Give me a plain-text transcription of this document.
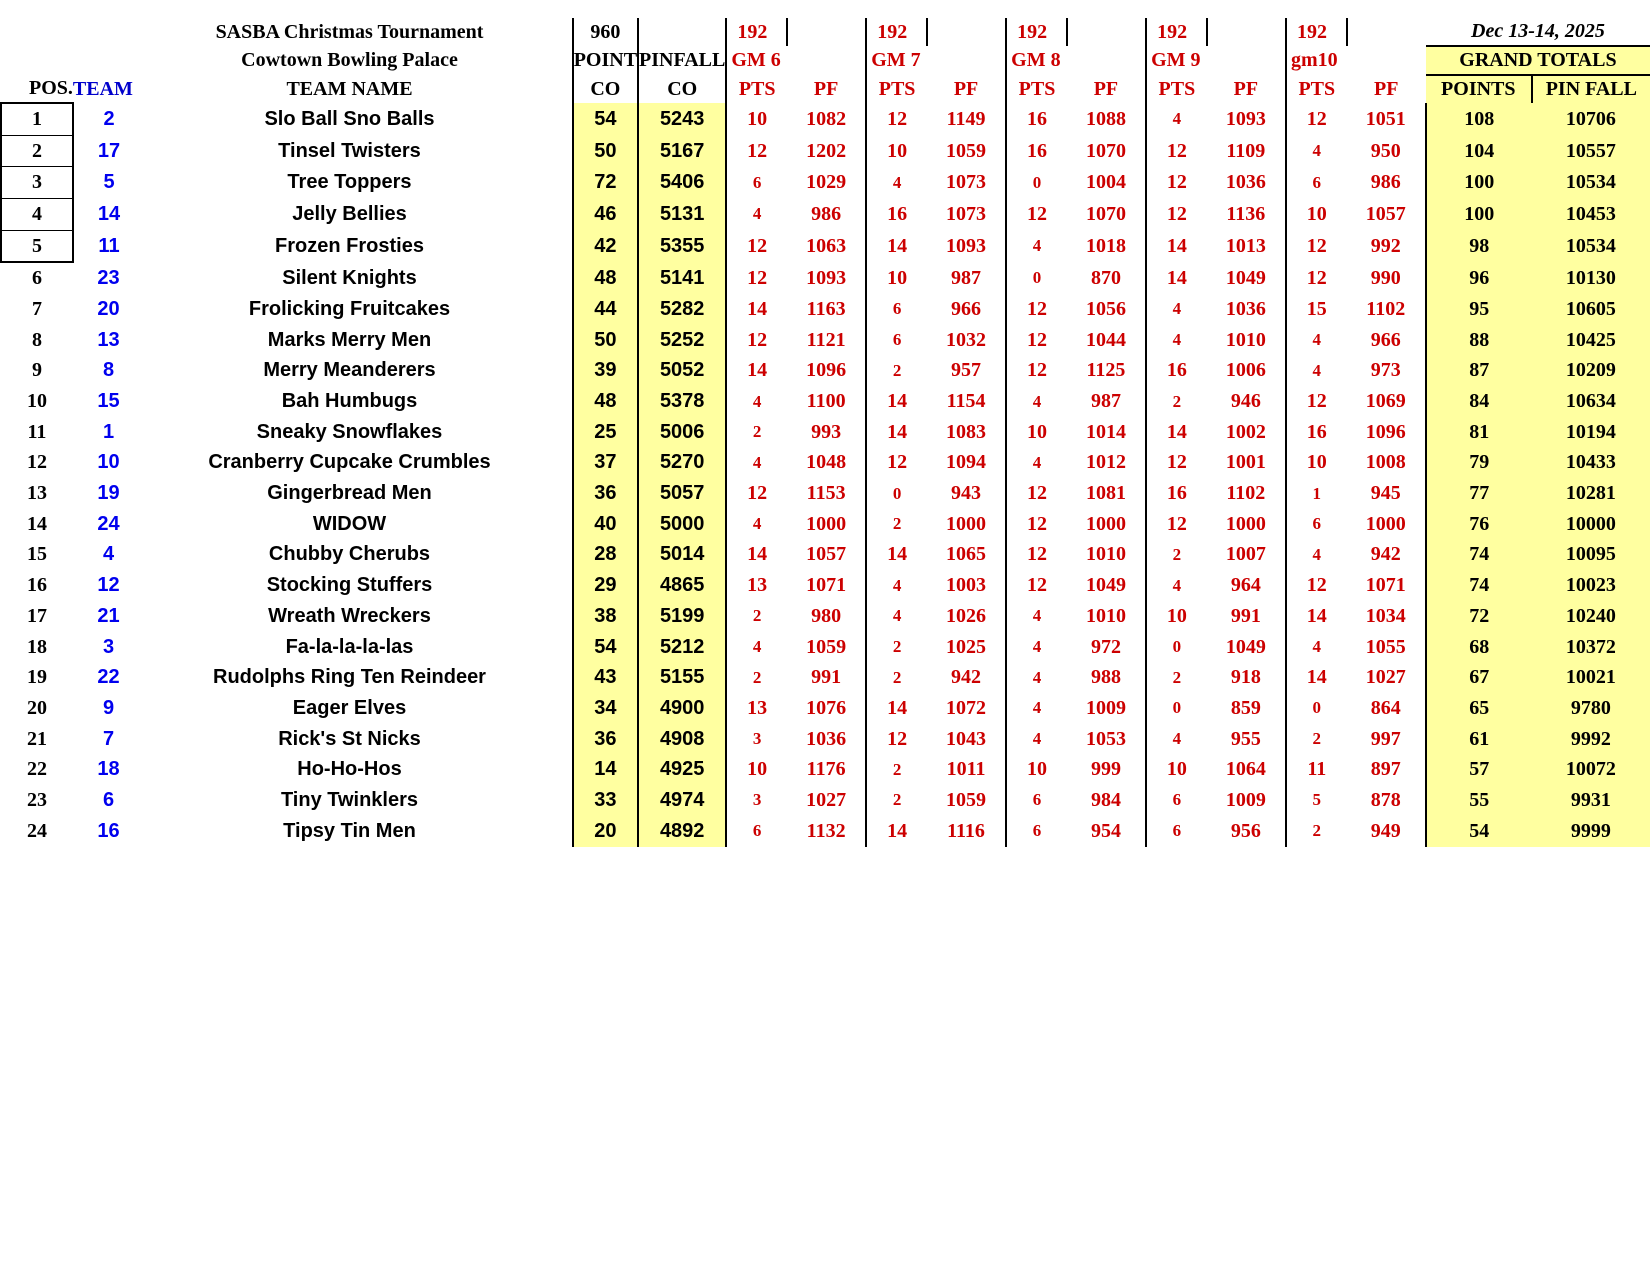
		SASBA Christmas Tournament		960		192		192		192		192		192		Dec 13-14, 2025	
		Cowtown Bowling Palace		POINT	PINFALL	GM 6		GM 7		GM 8		GM 9		gm10		GRAND TOTALS	
POS.	TEAM	TEAM NAME		CO	CO	PTS	PF	PTS	PF	PTS	PF	PTS	PF	PTS	PF	POINTS	PIN FALL
1	2	Slo Ball Sno Balls		54	5243	10	1082	12	1149	16	1088	4	1093	12	1051	108	10706
2	17	Tinsel Twisters		50	5167	12	1202	10	1059	16	1070	12	1109	4	950	104	10557
3	5	Tree Toppers		72	5406	6	1029	4	1073	0	1004	12	1036	6	986	100	10534
4	14	Jelly Bellies		46	5131	4	986	16	1073	12	1070	12	1136	10	1057	100	10453
5	11	Frozen Frosties		42	5355	12	1063	14	1093	4	1018	14	1013	12	992	98	10534
6	23	Silent Knights		48	5141	12	1093	10	987	0	870	14	1049	12	990	96	10130
7	20	Frolicking Fruitcakes		44	5282	14	1163	6	966	12	1056	4	1036	15	1102	95	10605
8	13	Marks Merry Men		50	5252	12	1121	6	1032	12	1044	4	1010	4	966	88	10425
9	8	Merry Meanderers		39	5052	14	1096	2	957	12	1125	16	1006	4	973	87	10209
10	15	Bah Humbugs		48	5378	4	1100	14	1154	4	987	2	946	12	1069	84	10634
11	1	Sneaky Snowflakes		25	5006	2	993	14	1083	10	1014	14	1002	16	1096	81	10194
12	10	Cranberry Cupcake Crumbles		37	5270	4	1048	12	1094	4	1012	12	1001	10	1008	79	10433
13	19	Gingerbread Men		36	5057	12	1153	0	943	12	1081	16	1102	1	945	77	10281
14	24	WIDOW		40	5000	4	1000	2	1000	12	1000	12	1000	6	1000	76	10000
15	4	Chubby Cherubs		28	5014	14	1057	14	1065	12	1010	2	1007	4	942	74	10095
16	12	Stocking Stuffers		29	4865	13	1071	4	1003	12	1049	4	964	12	1071	74	10023
17	21	Wreath Wreckers		38	5199	2	980	4	1026	4	1010	10	991	14	1034	72	10240
18	3	Fa-la-la-la-las		54	5212	4	1059	2	1025	4	972	0	1049	4	1055	68	10372
19	22	Rudolphs Ring Ten Reindeer		43	5155	2	991	2	942	4	988	2	918	14	1027	67	10021
20	9	Eager Elves		34	4900	13	1076	14	1072	4	1009	0	859	0	864	65	9780
21	7	Rick's St Nicks		36	4908	3	1036	12	1043	4	1053	4	955	2	997	61	9992
22	18	Ho-Ho-Hos		14	4925	10	1176	2	1011	10	999	10	1064	11	897	57	10072
23	6	Tiny Twinklers		33	4974	3	1027	2	1059	6	984	6	1009	5	878	55	9931
24	16	Tipsy Tin Men		20	4892	6	1132	14	1116	6	954	6	956	2	949	54	9999
